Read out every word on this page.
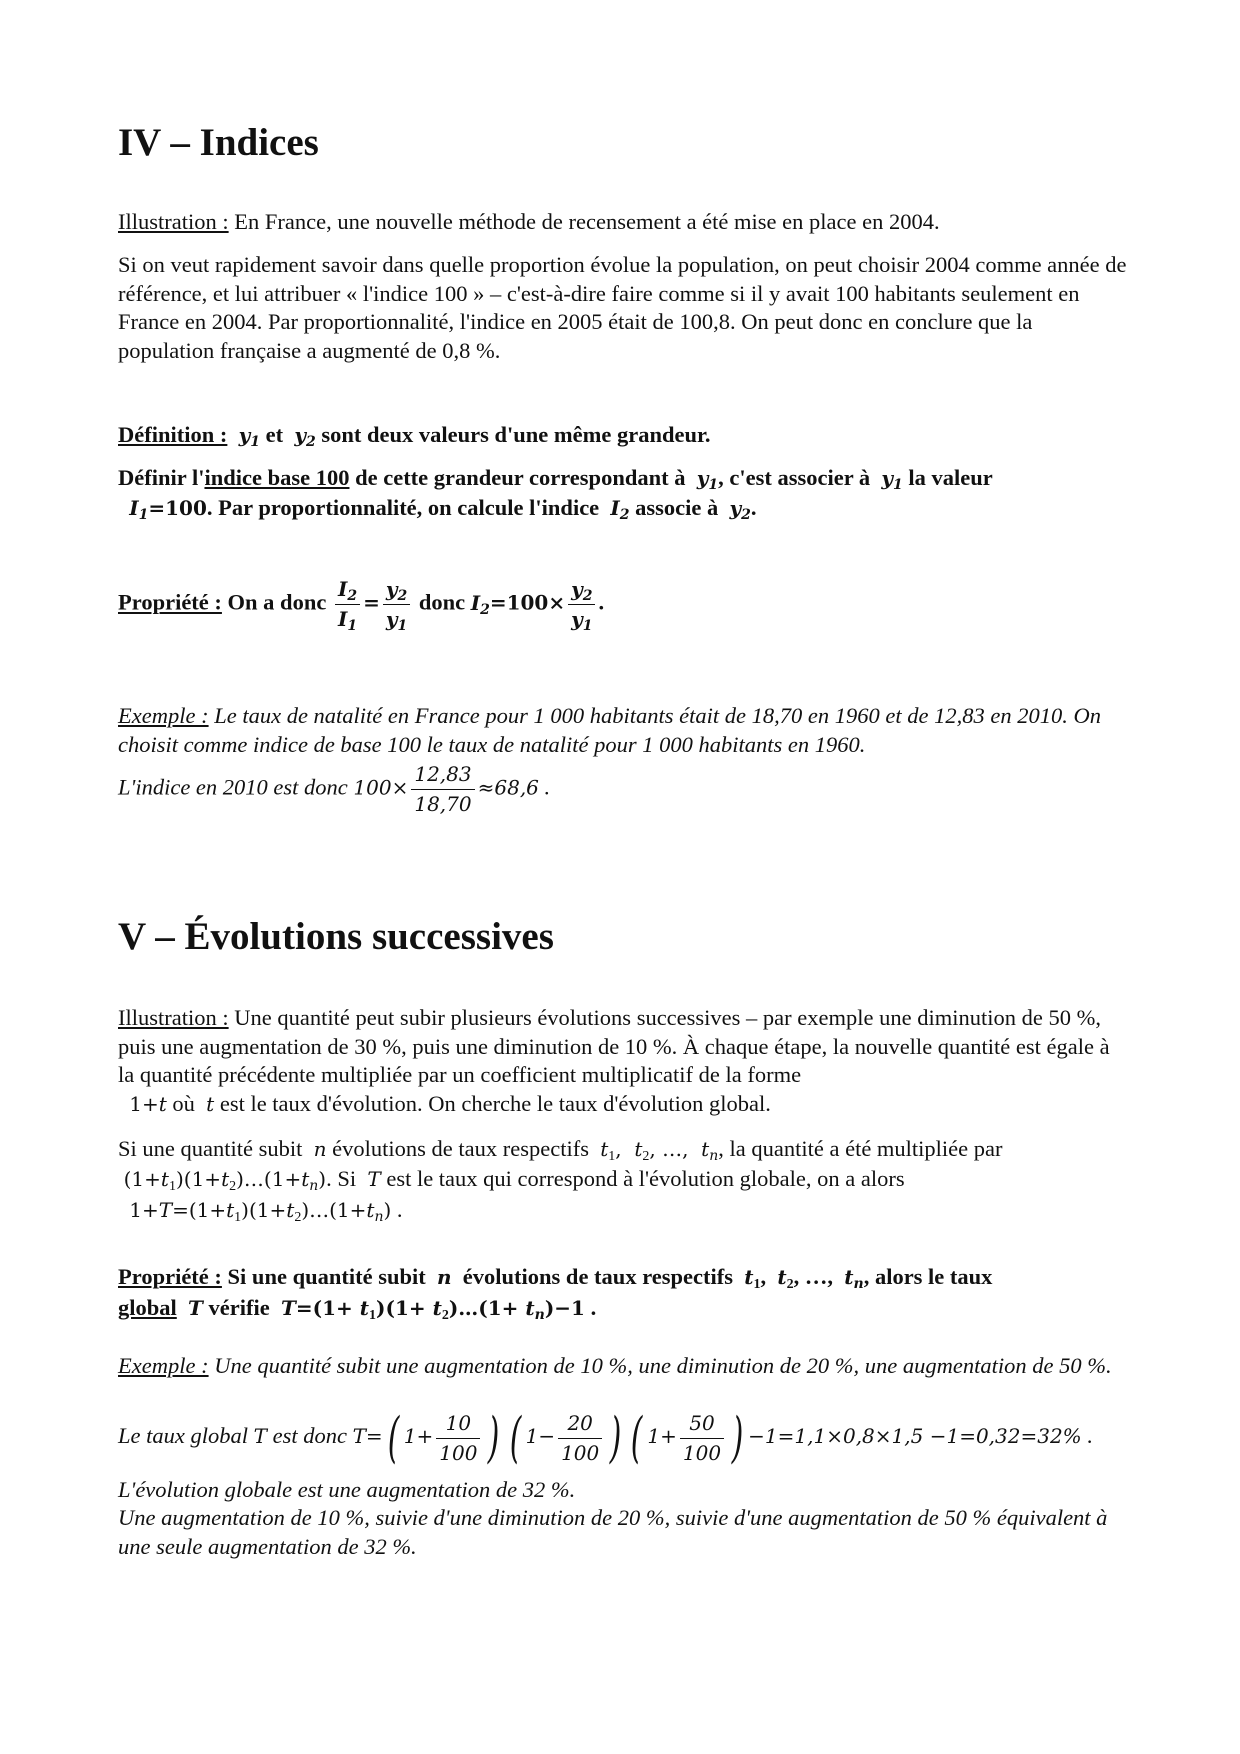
IV – Indices

Illustration : En France, une nouvelle méthode de recensement a été mise en place en 2004.

Si on veut rapidement savoir dans quelle proportion évolue la population, on peut choisir 2004 comme année de référence, et lui attribuer « l'indice 100 » – c'est-à-dire faire comme si il y avait 100 habitants seulement en France en 2004. Par proportionnalité, l'indice en 2005 était de 100,8. On peut donc en conclure que la population française a augmenté de 0,8 %.

Définition : $y_1$ et  $y_2$ sont deux valeurs d'une même grandeur.

Définir l'indice base 100 de cette grandeur correspondant à  $y_1$, c'est associer à  $y_1$ la valeur

$I_1=100$. Par proportionnalité, on calcule l'indice  $I_2$ associe à  $y_2$.

Propriété : On a donc $\frac{I_2}{I_1} = \frac{y_2}{y_1}$ donc $I_2=100\times \frac{y_2}{y_1}$ .

Exemple : Le taux de natalité en France pour 1 000 habitants était de 18,70 en 1960 et de 12,83 en 2010. On choisit comme indice de base 100 le taux de natalité pour 1 000 habitants en 1960.

L'indice en 2010 est donc $100\times \frac{12,83}{18,70} \approx 68,6$ .
V – Évolutions successives

Illustration : Une quantité peut subir plusieurs évolutions successives – par exemple une diminution de 50 %, puis une augmentation de 30 %, puis une diminution de 10 %. À chaque étape, la nouvelle quantité est égale à la quantité précédente multipliée par un coefficient multiplicatif de la forme

1+t où  t est le taux d'évolution. On cherche le taux d'évolution global.

Si une quantité subit  n évolutions de taux respectifs  $t_1$,  $t_2$, …,  $t_n$, la quantité a été multipliée par

$(1+t_1)(1+t_2)\dots(1+t_n)$. Si  T est le taux qui correspond à l'évolution globale, on a alors

$1+T=(1+t_1)(1+t_2)\dots(1+t_n)$ .

Propriété : Si une quantité subit  n  évolutions de taux respectifs  $t_1$,  $t_2$, …,  $t_n$, alors le taux

global T vérifie  $T=(1+ t_1)(1+$ $t_2)\dots(1+ t_n)-1$ .

Exemple : Une quantité subit une augmentation de 10 %, une diminution de 20 %, une augmentation de 50 %.

Le taux global T est donc T=( $1+ \frac{10}{100}$ ) ( $1- \frac{20}{100}$ ) ( $1+ \frac{50}{100}$ ) −1=1,1×0,8×1,5 −1=0,32=32% .

L'évolution globale est une augmentation de 32 %.

Une augmentation de 10 %, suivie d'une diminution de 20 %, suivie d'une augmentation de 50 % équivalent à une seule augmentation de 32 %.
